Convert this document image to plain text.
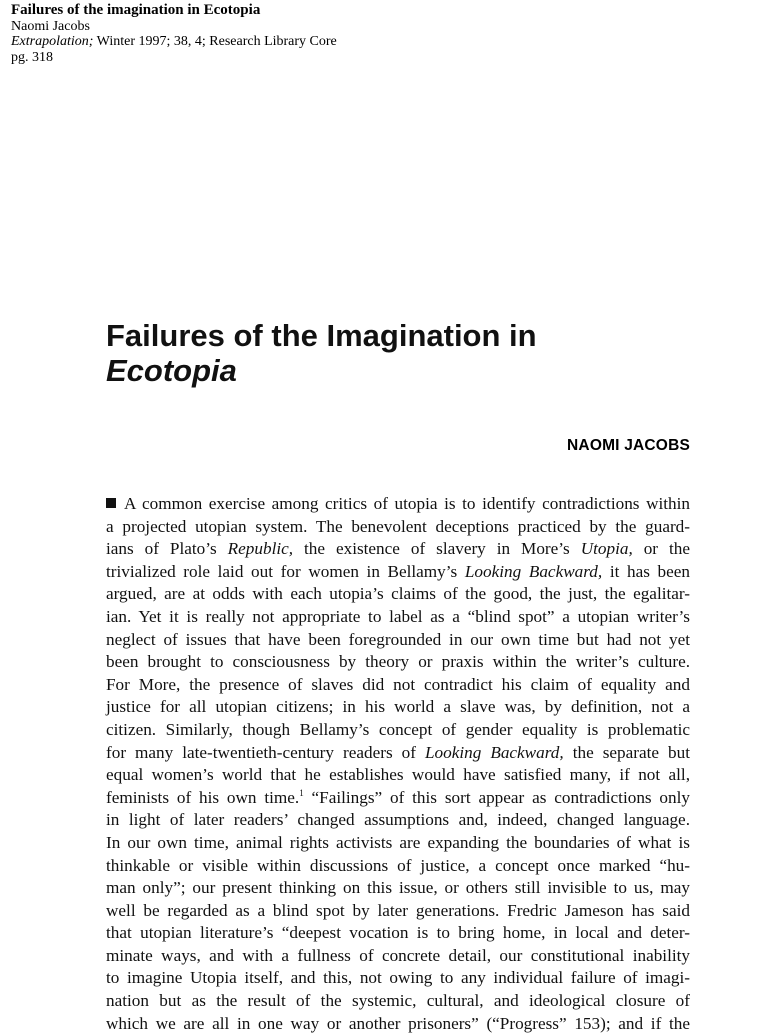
Failures of the imagination in Ecotopia
Naomi Jacobs
Extrapolation; Winter 1997; 38, 4; Research Library Core
pg. 318
Failures of the Imagination in
Ecotopia
NAOMI JACOBS
A common exercise among critics of utopia is to identify contradictions within
a projected utopian system. The benevolent deceptions practiced by the guard-
ians of Plato’s Republic, the existence of slavery in More’s Utopia, or the
trivialized role laid out for women in Bellamy’s Looking Backward, it has been
argued, are at odds with each utopia’s claims of the good, the just, the egalitar-
ian. Yet it is really not appropriate to label as a “blind spot” a utopian writer’s
neglect of issues that have been foregrounded in our own time but had not yet
been brought to consciousness by theory or praxis within the writer’s culture.
For More, the presence of slaves did not contradict his claim of equality and
justice for all utopian citizens; in his world a slave was, by definition, not a
citizen. Similarly, though Bellamy’s concept of gender equality is problematic
for many late-twentieth-century readers of Looking Backward, the separate but
equal women’s world that he establishes would have satisfied many, if not all,
feminists of his own time.$^1$ “Failings” of this sort appear as contradictions only
in light of later readers’ changed assumptions and, indeed, changed language.
In our own time, animal rights activists are expanding the boundaries of what is
thinkable or visible within discussions of justice, a concept once marked “hu-
man only”; our present thinking on this issue, or others still invisible to us, may
well be regarded as a blind spot by later generations. Fredric Jameson has said
that utopian literature’s “deepest vocation is to bring home, in local and deter-
minate ways, and with a fullness of concrete detail, our constitutional inability
to imagine Utopia itself, and this, not owing to any individual failure of imagi-
nation but as the result of the systemic, cultural, and ideological closure of
which we are all in one way or another prisoners” (“Progress” 153); and if the
